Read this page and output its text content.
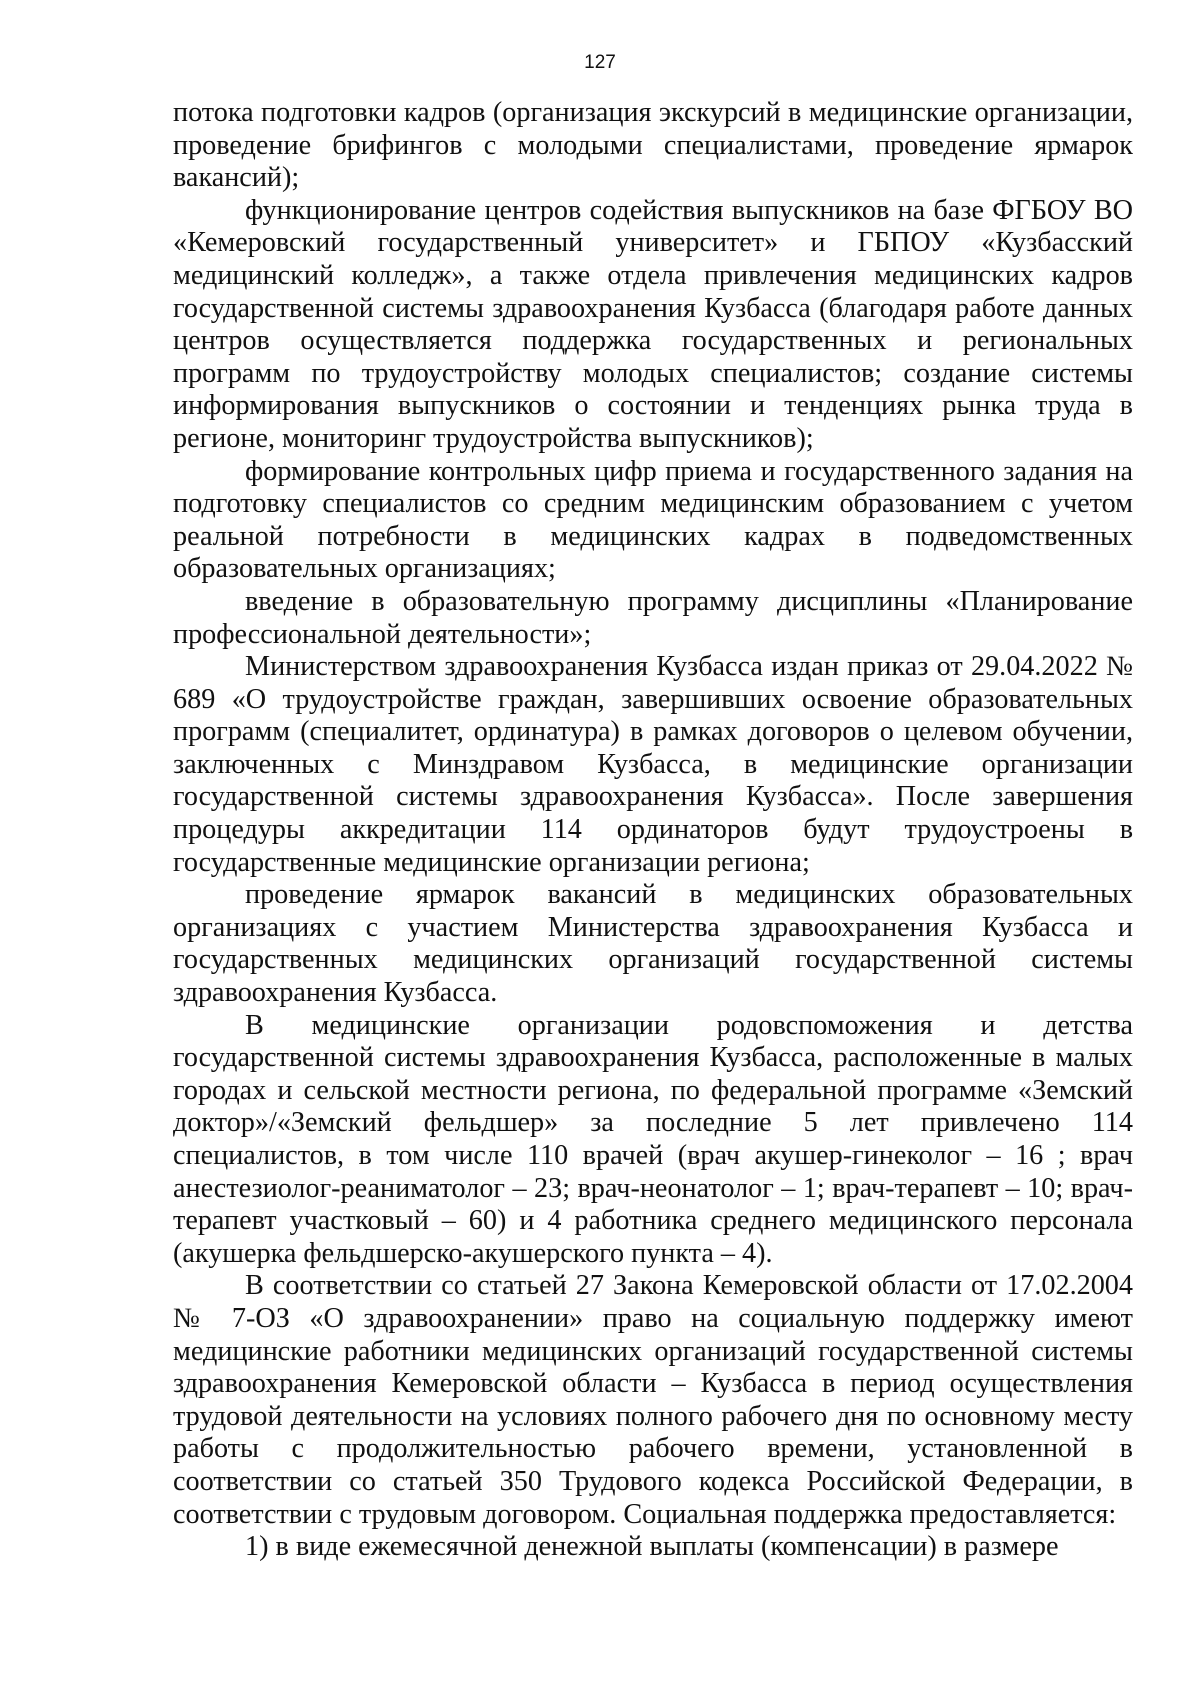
127

потока подготовки кадров (организация экскурсий в медицинские организации, проведение брифингов с молодыми специалистами, проведение ярмарок вакансий);

функционирование центров содействия выпускников на базе ФГБОУ ВО «Кемеровский государственный университет» и ГБПОУ «Кузбасский медицинский колледж», а также отдела привлечения медицинских кадров государственной системы здравоохранения Кузбасса (благодаря работе данных центров осуществляется поддержка государственных и региональных программ по трудоустройству молодых специалистов; создание системы информирования выпускников о состоянии и тенденциях рынка труда в регионе, мониторинг трудоустройства выпускников);

формирование контрольных цифр приема и государственного задания на подготовку специалистов со средним медицинским образованием с учетом реальной потребности в медицинских кадрах в подведомственных образовательных организациях;

введение в образовательную программу дисциплины «Планирование профессиональной деятельности»;

Министерством здравоохранения Кузбасса издан приказ от 29.04.2022 № 689 «О трудоустройстве граждан, завершивших освоение образовательных программ (специалитет, ординатура) в рамках договоров о целевом обучении, заключенных с Минздравом Кузбасса, в медицинские организации государственной системы здравоохранения Кузбасса». После завершения процедуры аккредитации 114 ординаторов будут трудоустроены в государственные медицинские организации региона;

проведение ярмарок вакансий в медицинских образовательных организациях с участием Министерства здравоохранения Кузбасса и государственных медицинских организаций государственной системы здравоохранения Кузбасса.

В медицинские организации родовспоможения и детства государственной системы здравоохранения Кузбасса, расположенные в малых городах и сельской местности региона, по федеральной программе «Земский доктор»/«Земский фельдшер» за последние 5 лет привлечено 114 специалистов, в том числе 110 врачей (врач акушер-гинеколог – 16 ; врач анестезиолог-реаниматолог – 23; врач-неонатолог – 1; врач-терапевт – 10; врач-терапевт участковый – 60) и 4 работника среднего медицинского персонала (акушерка фельдшерско-акушерского пункта – 4).

В соответствии со статьей 27 Закона Кемеровской области от 17.02.2004 № 7-ОЗ «О здравоохранении» право на социальную поддержку имеют медицинские работники медицинских организаций государственной системы здравоохранения Кемеровской области – Кузбасса в период осуществления трудовой деятельности на условиях полного рабочего дня по основному месту работы с продолжительностью рабочего времени, установленной в соответствии со статьей 350 Трудового кодекса Российской Федерации, в соответствии с трудовым договором. Социальная поддержка предоставляется:

1) в виде ежемесячной денежной выплаты (компенсации) в размере
